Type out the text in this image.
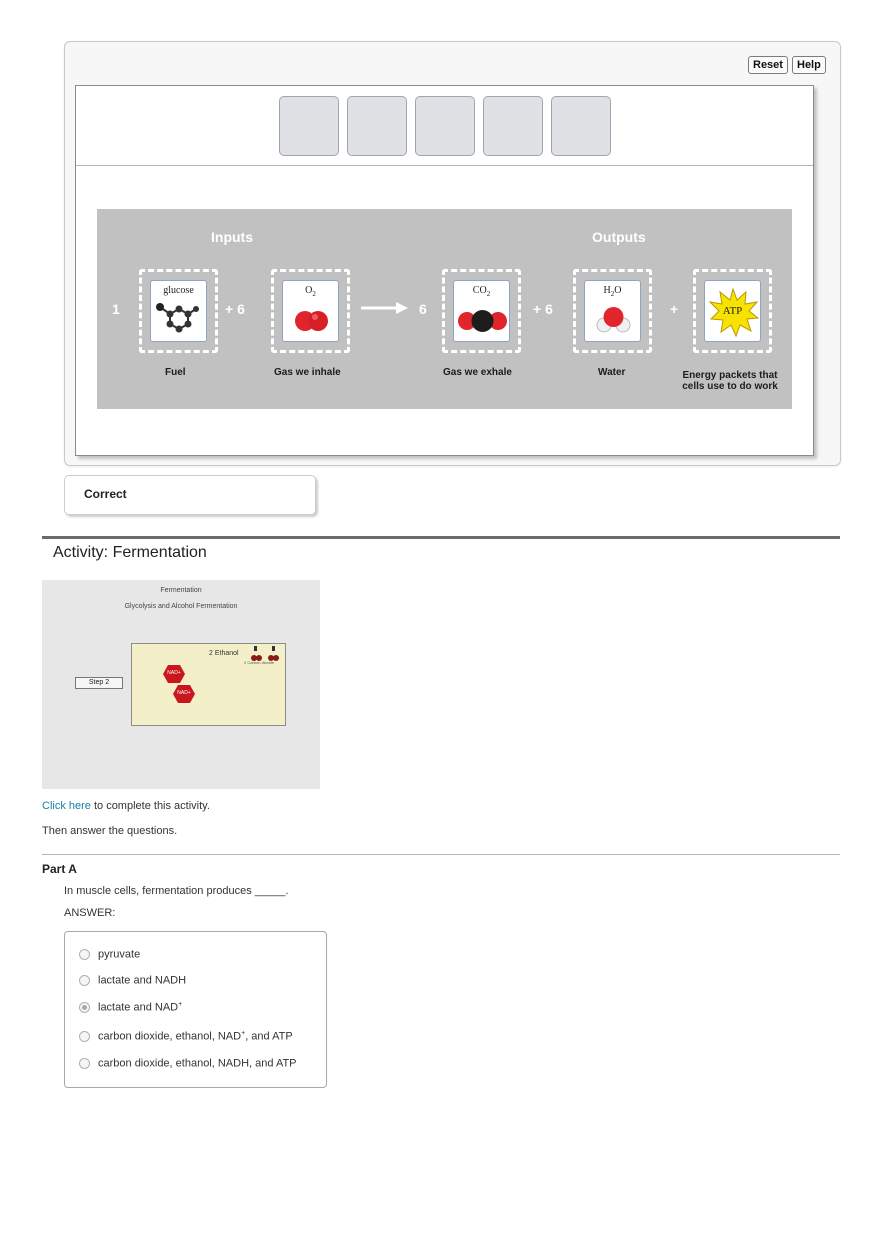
Reset	Help
Inputs	Outputs
1	+ 6	6	+ 6	+
glucose	$O_2$	$CO_2$	$H_2O$
ATP
Fuel	Gas we inhale	Gas we exhale	Water	Energy packets that
cells use to do work
Correct
Activity: Fermentation
Fermentation
Glycolysis and Alcohol Fermentation
Step 2
2 Ethanol
2 Carbon dioxide
NAD+
NAD+
Click here to complete this activity.
Then answer the questions.
Part A
In muscle cells, fermentation produces _____.
ANSWER:
pyruvate
lactate and NADH
lactate and NAD+
carbon dioxide, ethanol, NAD+, and ATP
carbon dioxide, ethanol, NADH, and ATP
